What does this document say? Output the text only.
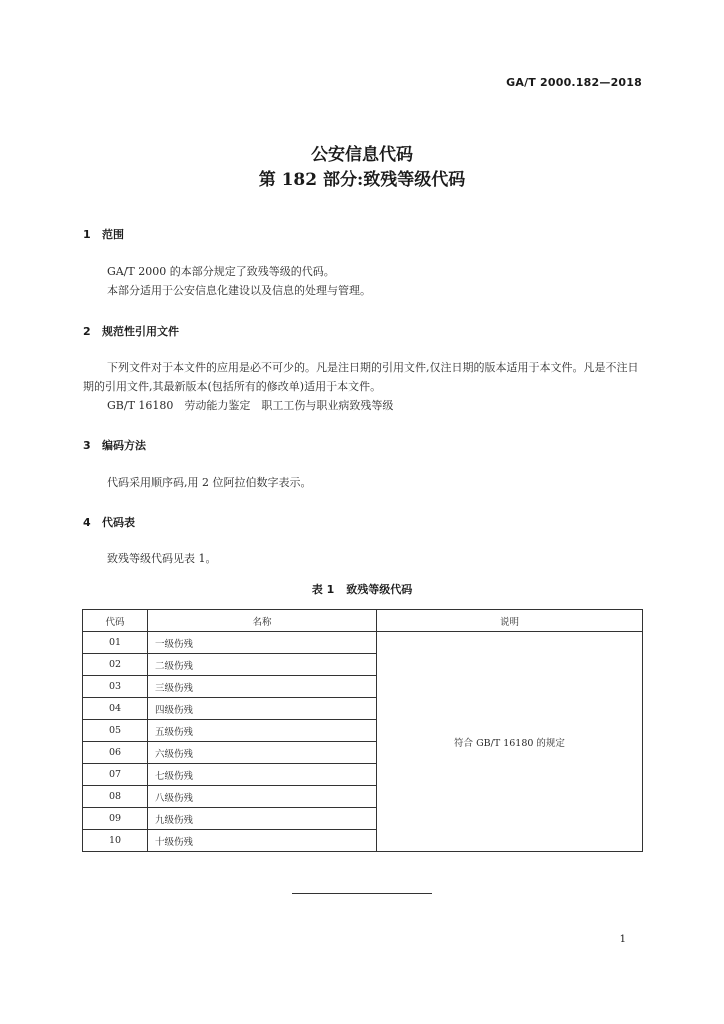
GA/T 2000.182—2018
公安信息代码
第 182 部分:致残等级代码
1 范围

GA/T 2000 的本部分规定了致残等级的代码。

本部分适用于公安信息化建设以及信息的处理与管理。

2 规范性引用文件

下列文件对于本文件的应用是必不可少的。凡是注日期的引用文件,仅注日期的版本适用于本文件。凡是不注日期的引用文件,其最新版本(包括所有的修改单)适用于本文件。

GB/T 16180　劳动能力鉴定　职工工伤与职业病致残等级

3 编码方法

代码采用顺序码,用 2 位阿拉伯数字表示。

4 代码表

致残等级代码见表 1。

表 1 致残等级代码
代码	名称	说明
01	一级伤残	符合 GB/T 16180 的规定
02	二级伤残	
03	三级伤残	
04	四级伤残	
05	五级伤残	
06	六级伤残	
07	七级伤残	
08	八级伤残	
09	九级伤残	
10	十级伤残	
1
